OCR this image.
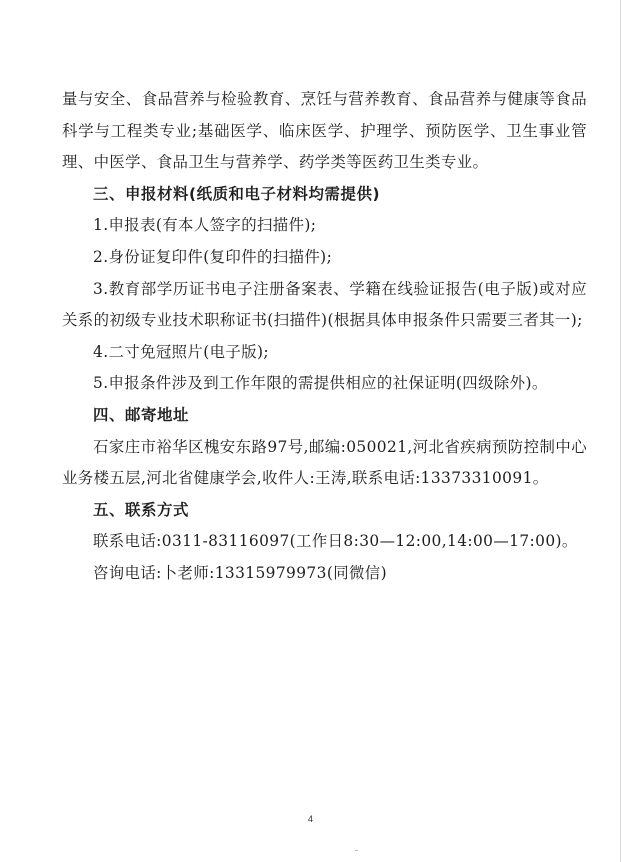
量与安全、食品营养与检验教育、烹饪与营养教育、食品营养与健康等食品科学与工程类专业;基础医学、临床医学、护理学、预防医学、卫生事业管理、中医学、食品卫生与营养学、药学类等医药卫生类专业。

三、申报材料(纸质和电子材料均需提供)

1.申报表(有本人签字的扫描件);

2.身份证复印件(复印件的扫描件);

3.教育部学历证书电子注册备案表、学籍在线验证报告(电子版)或对应关系的初级专业技术职称证书(扫描件)(根据具体申报条件只需要三者其一);

4.二寸免冠照片(电子版);

5.申报条件涉及到工作年限的需提供相应的社保证明(四级除外)。

四、邮寄地址

石家庄市裕华区槐安东路97号,邮编:050021,河北省疾病预防控制中心业务楼五层,河北省健康学会,收件人:王涛,联系电话:13373310091。

五、联系方式

联系电话:0311-83116097(工作日8:30—12:00,14:00—17:00)。

咨询电话:卜老师:13315979973(同微信)

4
